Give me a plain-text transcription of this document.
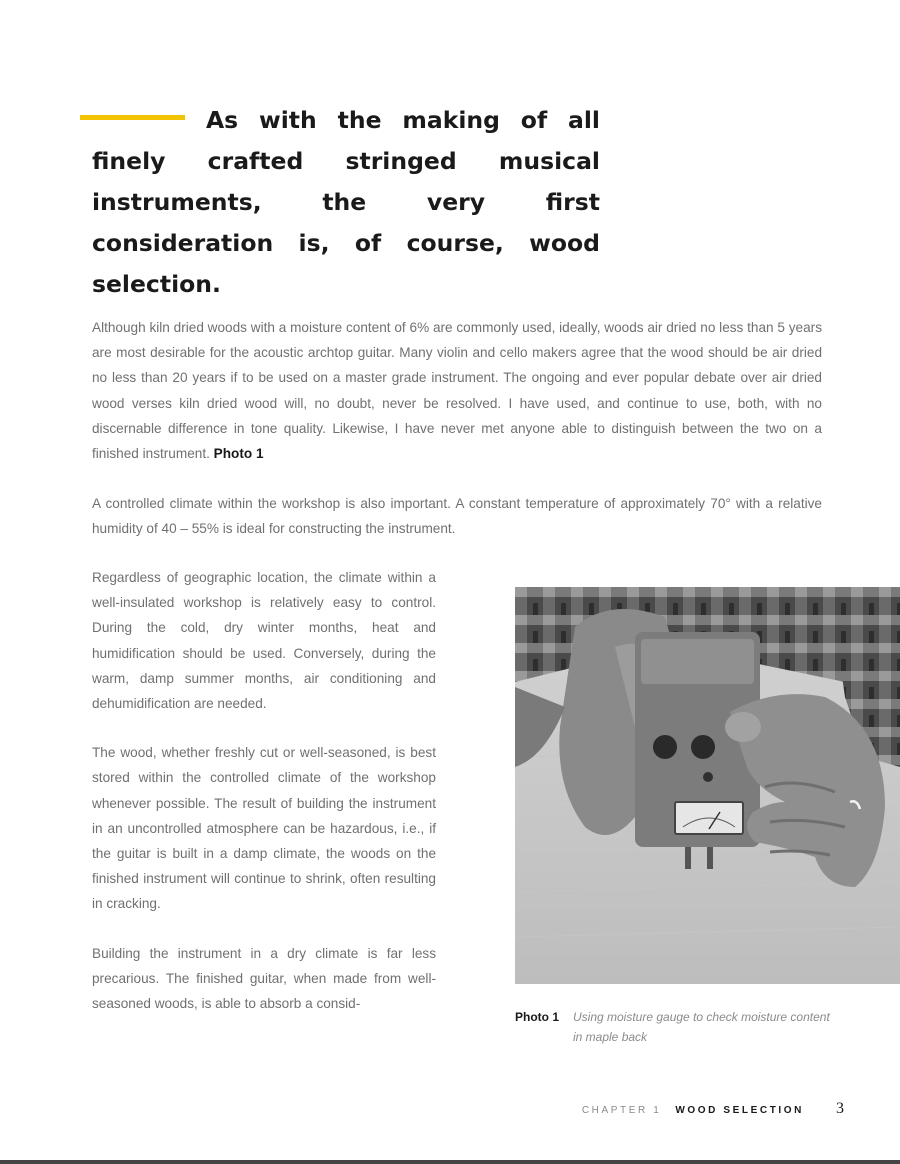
As with the making of all finely crafted stringed musical instruments, the very first consideration is, of course, wood selection.

Although kiln dried woods with a moisture content of 6% are commonly used, ideally, woods air dried no less than 5 years are most desirable for the acoustic archtop guitar. Many violin and cello makers agree that the wood should be air dried no less than 20 years if to be used on a master grade instrument. The ongoing and ever popular debate over air dried wood verses kiln dried wood will, no doubt, never be resolved. I have used, and continue to use, both, with no discernable difference in tone quality. Likewise, I have never met anyone able to distinguish between the two on a finished instrument. Photo 1

A controlled climate within the workshop is also important. A constant temperature of approximately 70° with a relative humidity of 40 – 55% is ideal for constructing the instrument.

Regardless of geographic location, the climate within a well-insulated workshop is relatively easy to control. During the cold, dry winter months, heat and humidification should be used. Conversely, during the warm, damp summer months, air conditioning and dehumidification are needed.

The wood, whether freshly cut or well-seasoned, is best stored within the controlled climate of the workshop whenever possible. The result of building the instrument in an uncontrolled atmosphere can be hazardous, i.e., if the guitar is built in a damp climate, the woods on the finished instrument will continue to shrink, often resulting in cracking.

Building the instrument in a dry climate is far less precarious. The finished guitar, when made from well-seasoned woods, is able to absorb a consid-

Photo 1 Using moisture gauge to check moisture content in maple back
CHAPTER 1 WOOD SELECTION 3
